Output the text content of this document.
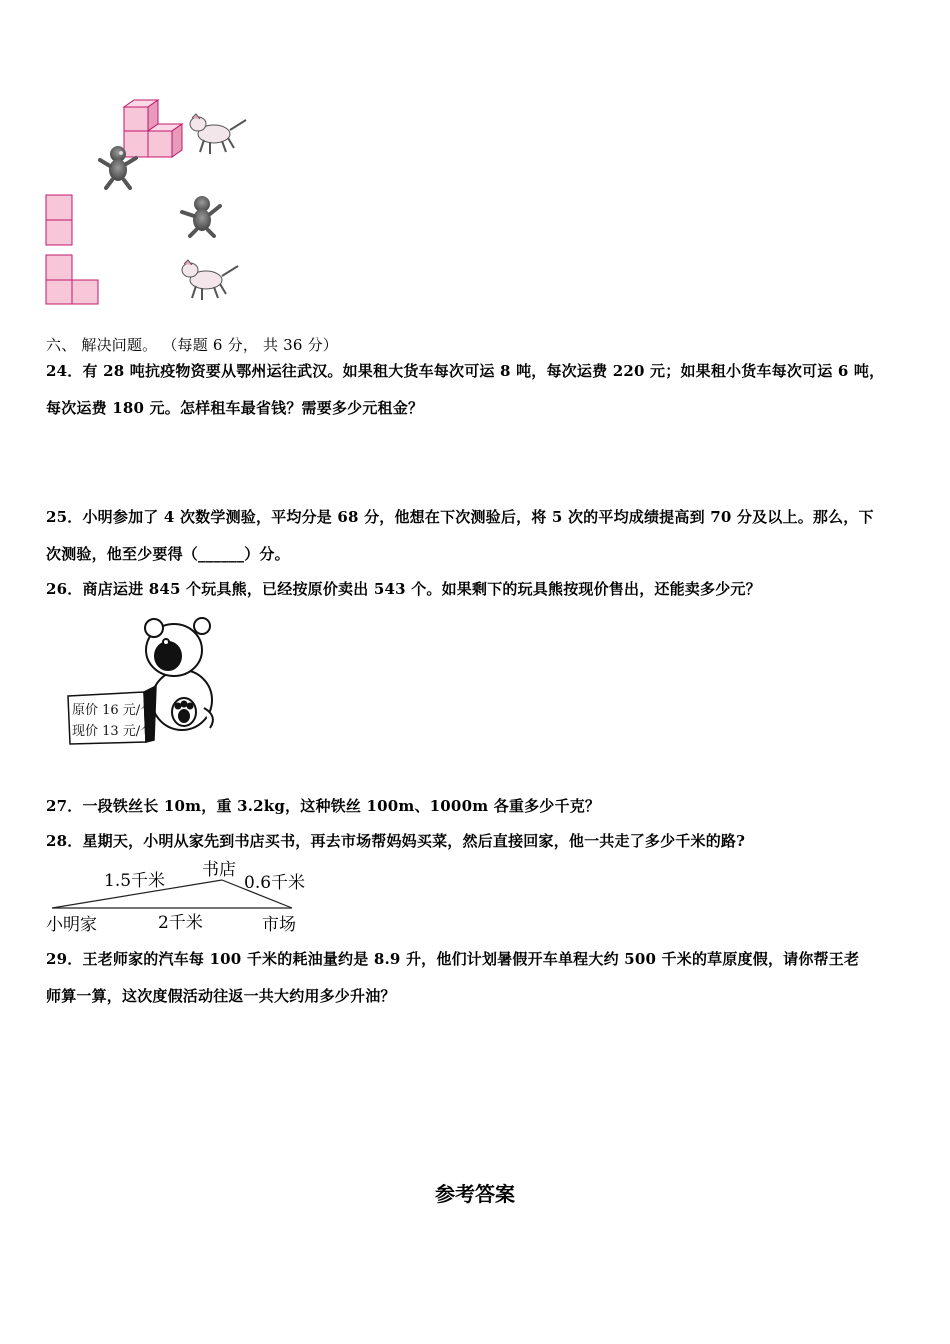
六、 解决问题。 （每题 6 分， 共 36 分）
24．有 28 吨抗疫物资要从鄂州运往武汉。如果租大货车每次可运 8 吨，每次运费 220 元；如果租小货车每次可运 6 吨，
每次运费 180 元。怎样租车最省钱？需要多少元租金？
25．小明参加了 4 次数学测验，平均分是 68 分，他想在下次测验后，将 5 次的平均成绩提高到 70 分及以上。那么，下
次测验，他至少要得（______）分。
26．商店运进 845 个玩具熊，已经按原价卖出 543 个。如果剩下的玩具熊按现价售出，还能卖多少元？
原价 16 元/个
现价 13 元/个
27．一段铁丝长 10m，重 3.2kg，这种铁丝 100m、1000m 各重多少千克？
28．星期天，小明从家先到书店买书，再去市场帮妈妈买菜，然后直接回家，他一共走了多少千米的路?
1.5千米
书店
0.6千米
小明家	2千米	市场
29．王老师家的汽车每 100 千米的耗油量约是 8.9 升，他们计划暑假开车单程大约 500 千米的草原度假，请你帮王老
师算一算，这次度假活动往返一共大约用多少升油？
参考答案
